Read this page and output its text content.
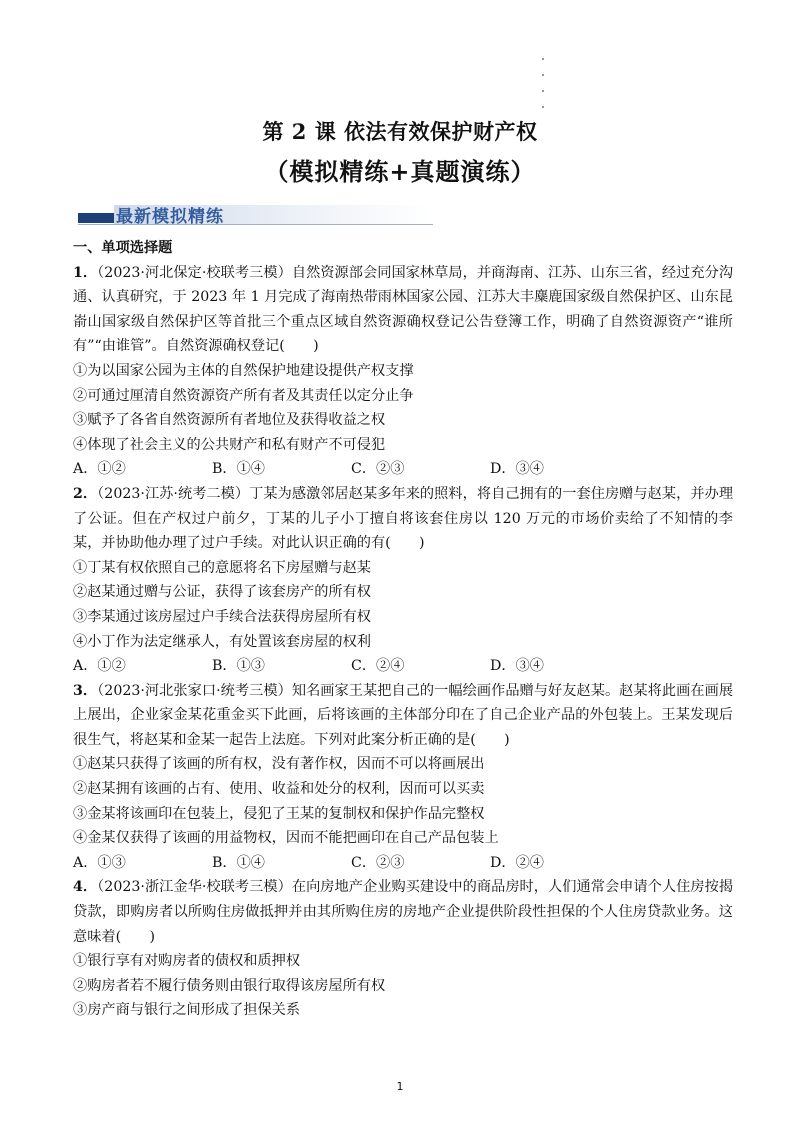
第 2 课 依法有效保护财产权
（模拟精练+真题演练）
最新模拟精练
一、单项选择题

1．（2023·河北保定·校联考三模）自然资源部会同国家林草局，并商海南、江苏、山东三省，经过充分沟通、认真研究，于 2023 年 1 月完成了海南热带雨林国家公园、江苏大丰麋鹿国家级自然保护区、山东昆嵛山国家级自然保护区等首批三个重点区域自然资源确权登记公告登簿工作，明确了自然资源资产“谁所有”“由谁管”。自然资源确权登记(　　)

①为以国家公园为主体的自然保护地建设提供产权支撑

②可通过厘清自然资源资产所有者及其责任以定分止争

③赋予了各省自然资源所有者地位及获得收益之权

④体现了社会主义的公共财产和私有财产不可侵犯

A．①②	B．①④	C．②③	D．③④

2．（2023·江苏·统考二模）丁某为感激邻居赵某多年来的照料，将自己拥有的一套住房赠与赵某，并办理了公证。但在产权过户前夕，丁某的儿子小丁擅自将该套住房以 120 万元的市场价卖给了不知情的李某，并协助他办理了过户手续。对此认识正确的有(　　)

①丁某有权依照自己的意愿将名下房屋赠与赵某

②赵某通过赠与公证，获得了该套房产的所有权

③李某通过该房屋过户手续合法获得房屋所有权

④小丁作为法定继承人，有处置该套房屋的权利

A．①②	B．①③	C．②④	D．③④

3．（2023·河北张家口·统考三模）知名画家王某把自己的一幅绘画作品赠与好友赵某。赵某将此画在画展上展出，企业家金某花重金买下此画，后将该画的主体部分印在了自己企业产品的外包装上。王某发现后很生气，将赵某和金某一起告上法庭。下列对此案分析正确的是(　　)

①赵某只获得了该画的所有权，没有著作权，因而不可以将画展出

②赵某拥有该画的占有、使用、收益和处分的权利，因而可以买卖

③金某将该画印在包装上，侵犯了王某的复制权和保护作品完整权

④金某仅获得了该画的用益物权，因而不能把画印在自己产品包装上

A．①③	B．①④	C．②③	D．②④

4．（2023·浙江金华·校联考三模）在向房地产企业购买建设中的商品房时，人们通常会申请个人住房按揭贷款，即购房者以所购住房做抵押并由其所购住房的房地产企业提供阶段性担保的个人住房贷款业务。这意味着(　　)

①银行享有对购房者的债权和质押权

②购房者若不履行债务则由银行取得该房屋所有权

③房产商与银行之间形成了担保关系

1
